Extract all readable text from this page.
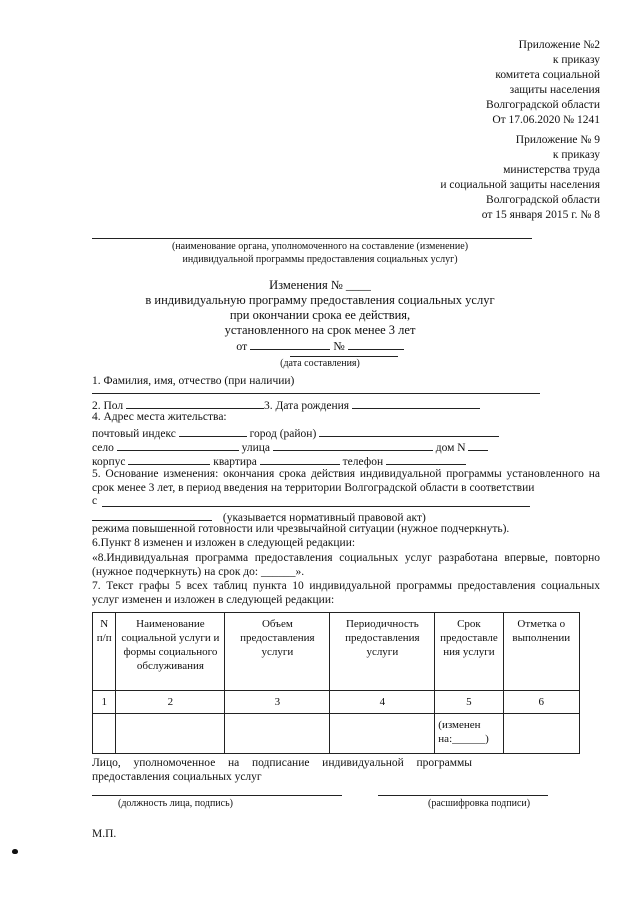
Приложение №2
к приказу
комитета социальной
защиты населения
Волгоградской области
От 17.06.2020 № 1241
Приложение № 9
к приказу
министерства труда
и социальной защиты населения
Волгоградской области
от 15 января 2015 г. № 8
(наименование органа, уполномоченного на составление (изменение)
индивидуальной программы предоставления социальных услуг)
Изменения № ____
в индивидуальную программу предоставления социальных услуг
при окончании срока ее действия,
установленного на срок менее 3 лет
от	№
(дата составления)
1. Фамилия, имя, отчество (при наличии)
2. Пол	3. Дата рождения
4. Адрес места жительства:
почтовый индекс	город (район)
село	улица	дом N
корпус	квартира	телефон
5. Основание изменения: окончания срока действия индивидуальной программы установленного на срок менее 3 лет, в период введения на территории Волгоградской области в соответствии
с
(указывается нормативный правовой акт)
режима повышенной готовности или чрезвычайной ситуации (нужное подчеркнуть).
6.Пункт 8 изменен и изложен в следующей редакции:
«8.Индивидуальная программа предоставления социальных услуг разработана впервые, повторно (нужное подчеркнуть) на срок до: ______».
7. Текст графы 5 всех таблиц пункта 10 индивидуальной программы предоставления социальных услуг изменен и изложен в следующей редакции:
N п/п	Наименование социальной услуги и формы социального обслуживания	Объем предоставления услуги	Периодичность предоставления услуги	Срок предоставле ния услуги	Отметка о выполнении
1	2	3	4	5	6
				(изменен на:______)	
Лицо, уполномоченное на подписание индивидуальной программы предоставления социальных услуг
(должность лица, подпись)	(расшифровка подписи)
М.П.
